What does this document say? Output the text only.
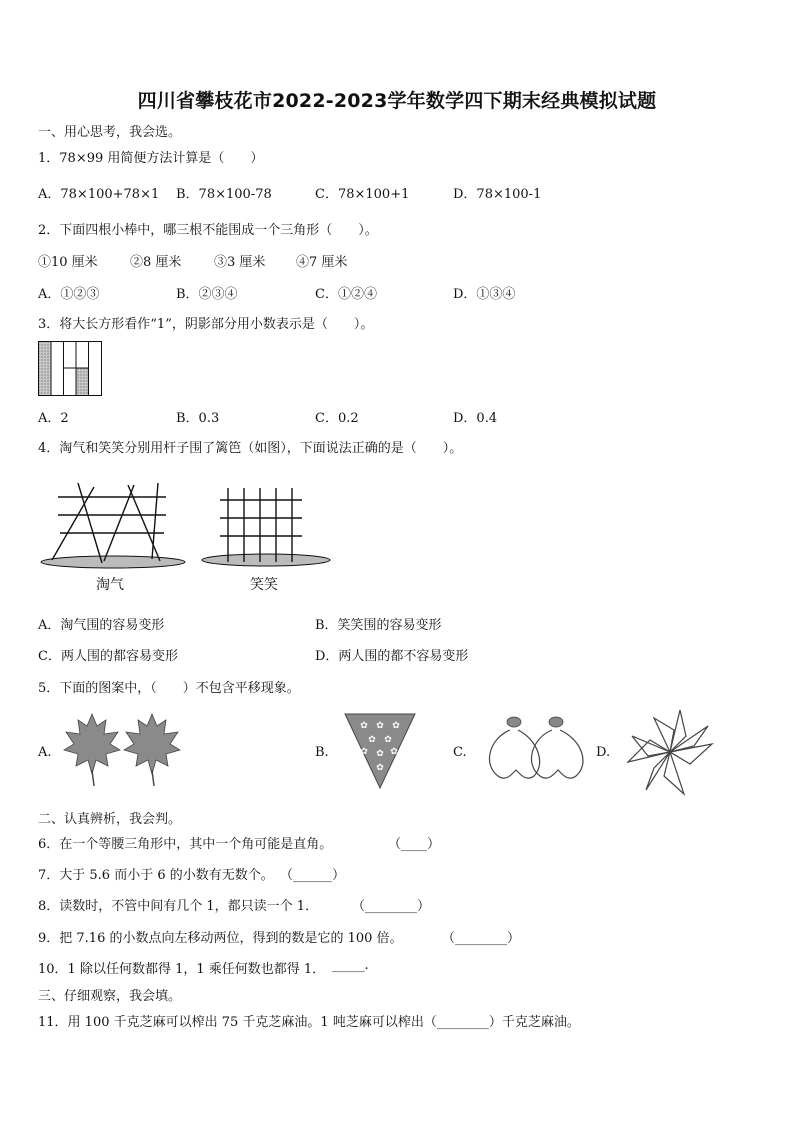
四川省攀枝花市2022-2023学年数学四下期末经典模拟试题
一、用心思考，我会选。
1．78×99 用简便方法计算是（　　）
A．78×100+78×1 B．78×100-78	C．78×100+1	D．78×100-1
2．下面四根小棒中，哪三根不能围成一个三角形（　　）。
①10 厘米 ②8 厘米	③3 厘米 ④7 厘米
A．①②③	B．②③④	C．①②④	D．①③④
3．将大长方形看作“1”，阴影部分用小数表示是（　　）。
A．2	B．0.3	C．0.2	D．0.4
4．淘气和笑笑分别用杆子围了篱笆（如图），下面说法正确的是（　　）。
淘气	笑笑
A．淘气围的容易变形	B．笑笑围的容易变形
C．两人围的都容易变形	D．两人围的都不容易变形
5．下面的图案中，（　　）不包含平移现象。
A.	B.
✿ ✿ ✿
✿ ✿
✿ ✿ ✿
✿
C.	D.
二、认真辨析，我会判。
6．在一个等腰三角形中，其中一个角可能是直角。	（____）
7．大于 5.6 而小于 6 的小数有无数个。 （______）
8．读数时，不管中间有几个 1，都只读一个 1．	（________）
9．把 7.16 的小数点向左移动两位，得到的数是它的 100 倍。	（________）
10．1 除以任何数都得 1，1 乘任何数也都得 1． _____.
三、仔细观察，我会填。
11．用 100 千克芝麻可以榨出 75 千克芝麻油。1 吨芝麻可以榨出（________）千克芝麻油。
